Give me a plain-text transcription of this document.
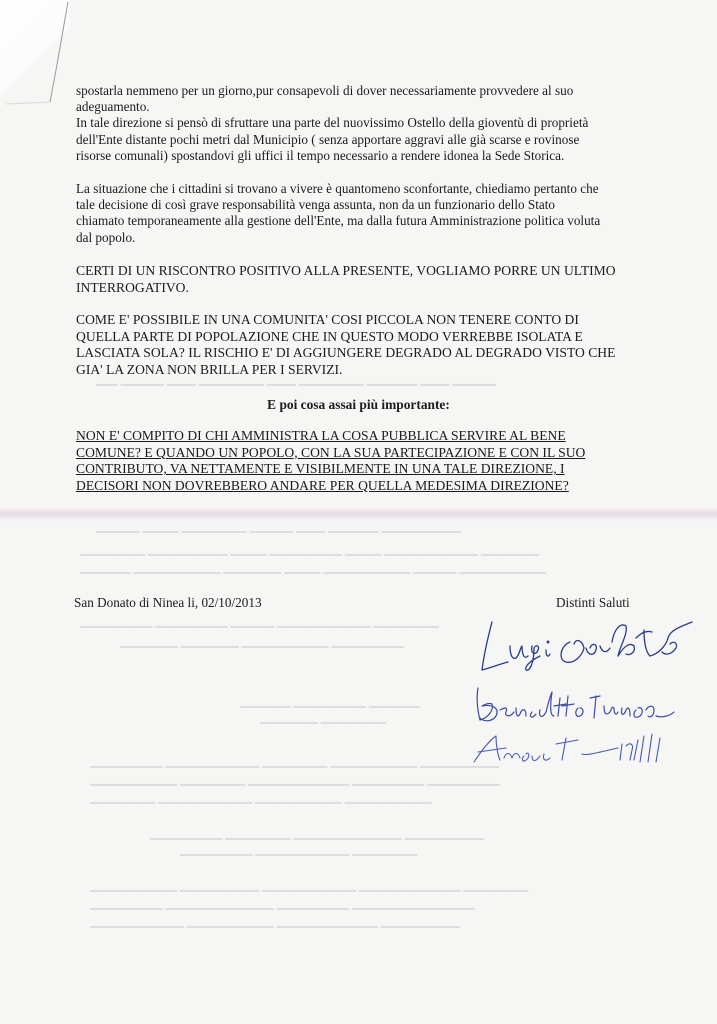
━━━ ━━━━━━ ━━━━ ━━━━━━━━━ ━━━━ ━━━━━━━━━ ━━━━━━━ ━━━━ ━━━━━━
━━━━━━ ━━━━━ ━━━━━━━━━ ━━━━━━ ━━━━ ━━━━━━━ ━━━━━━━━━━━
━━━━━━━━━ ━━━━━━━━━━━ ━━━━━ ━━━━━━━━━━ ━━━━━ ━━━━━━━━━━━━━ ━━━━━━━━
━━━━━━━ ━━━━━━━━━━━━ ━━━━━━━━ ━━━━━ ━━━━━━━━━━━━ ━━━━━━ ━━━━━━━━━━━━
━━━━━━━━━━ ━━━━━━━━━━ ━━━━━━ ━━━━━━━━━━━━━ ━━━━━━━━━
━━━━━━━━ ━━━━━━━━ ━━━━━━━━━━━━ ━━━━━━━━━━
━━━━━━━ ━━━━━━━━━━ ━━━━━━━
━━━━━━━━ ━━━━━━━━━
━━━━━━━━━━ ━━━━━━━━━━━━━ ━━━━━━━━━ ━━━━━━━━━━━━ ━━━━━━━━━━━
━━━━━━━━━━━━ ━━━━━━━━━ ━━━━━━━━━━━━━━ ━━━━━━━━━━ ━━━━━━━━━━
━━━━━━━━━ ━━━━━━━━━━━━━ ━━━━━━━━━━━━ ━━━━━━━━━━━━
━━━━━━━━━━ ━━━━━━━━━ ━━━━━━━━━━━━━━━ ━━━━━━━━━━━
━━━━━━━━━━ ━━━━━━━━━━━━━ ━━━━━━━━━
━━━━━━━━━━━━ ━━━━━━━━━━━ ━━━━━━━━━━━━━ ━━━━━━━━━━━━━━ ━━━━━━━━━
━━━━━━━━━━ ━━━━━━━━━━━━━━━ ━━━━━━━━━━ ━━━━━━━━━━━━━━━━━
━━━━━━━━━━━━━ ━━━━━━━━━━━━ ━━━━━━━━━━━━━━ ━━━━━━━━━━━
spostarla nemmeno per un giorno,pur consapevoli di dover necessariamente provvedere al suo
adeguamento.
In tale direzione si pensò di sfruttare una parte del nuovissimo Ostello della gioventù di proprietà
dell'Ente distante pochi metri dal Municipio ( senza apportare aggravi alle già scarse e rovinose
risorse comunali) spostandovi gli uffici il tempo necessario a rendere idonea la Sede Storica.
La situazione che i cittadini si trovano a vivere è quantomeno sconfortante, chiediamo pertanto che
tale decisione di così grave responsabilità venga assunta, non da un funzionario dello Stato
chiamato temporaneamente alla gestione dell'Ente, ma dalla futura Amministrazione politica voluta
dal popolo.
CERTI DI UN RISCONTRO POSITIVO ALLA PRESENTE, VOGLIAMO PORRE UN ULTIMO
INTERROGATIVO.
COME E' POSSIBILE IN UNA COMUNITA' COSI PICCOLA NON TENERE CONTO DI
QUELLA PARTE DI POPOLAZIONE CHE IN QUESTO MODO VERREBBE ISOLATA E
LASCIATA SOLA? IL RISCHIO E' DI AGGIUNGERE DEGRADO AL DEGRADO VISTO CHE
GIA' LA ZONA NON BRILLA PER I SERVIZI.
E poi cosa assai più importante:
NON E' COMPITO DI CHI AMMINISTRA LA COSA PUBBLICA SERVIRE AL BENE
COMUNE? E QUANDO UN POPOLO, CON LA SUA PARTECIPAZIONE E CON IL SUO
CONTRIBUTO, VA NETTAMENTE E VISIBILMENTE IN UNA TALE DIREZIONE, I
DECISORI NON DOVREBBERO ANDARE PER QUELLA MEDESIMA DIREZIONE?
San Donato di Ninea li, 02/10/2013	Distinti Saluti
